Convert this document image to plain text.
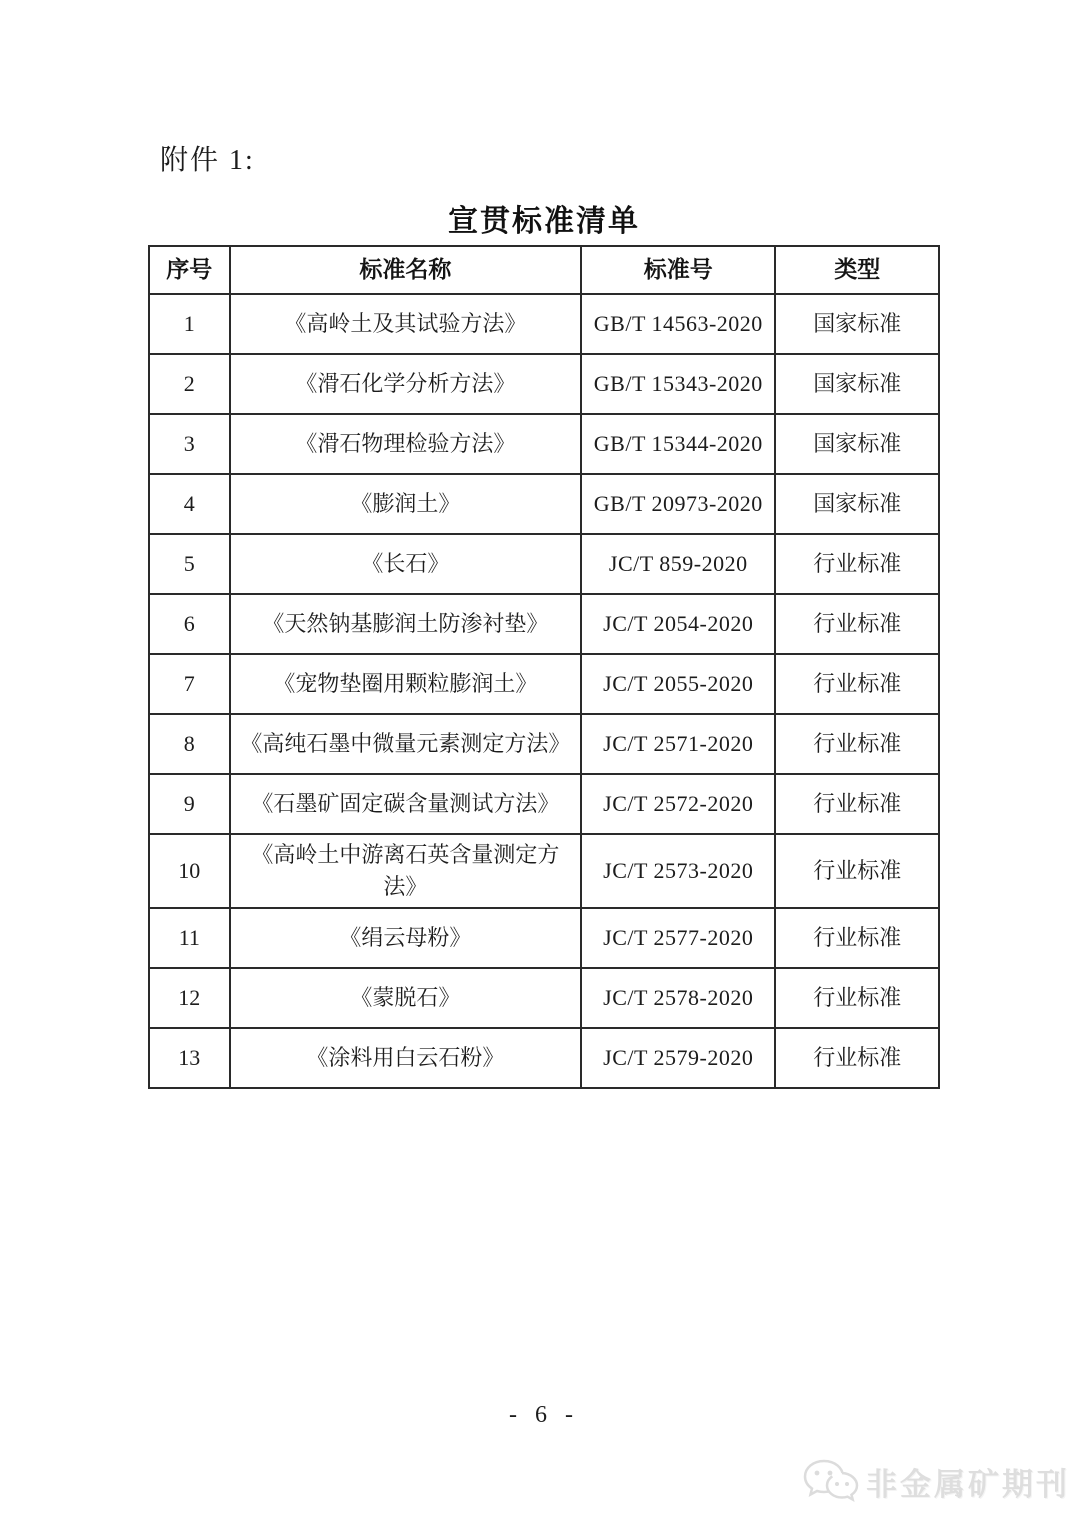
附件 1:
宣贯标准清单
序号	标准名称	标准号	类型
1	《高岭土及其试验方法》	GB/T 14563-2020	国家标准
2	《滑石化学分析方法》	GB/T 15343-2020	国家标准
3	《滑石物理检验方法》	GB/T 15344-2020	国家标准
4	《膨润土》	GB/T 20973-2020	国家标准
5	《长石》	JC/T 859-2020	行业标准
6	《天然钠基膨润土防渗衬垫》	JC/T 2054-2020	行业标准
7	《宠物垫圈用颗粒膨润土》	JC/T 2055-2020	行业标准
8	《高纯石墨中微量元素测定方法》	JC/T 2571-2020	行业标准
9	《石墨矿固定碳含量测试方法》	JC/T 2572-2020	行业标准
10	《高岭土中游离石英含量测定方法》	JC/T 2573-2020	行业标准
11	《绢云母粉》	JC/T 2577-2020	行业标准
12	《蒙脱石》	JC/T 2578-2020	行业标准
13	《涂料用白云石粉》	JC/T 2579-2020	行业标准
- 6 -
非金属矿期刊
